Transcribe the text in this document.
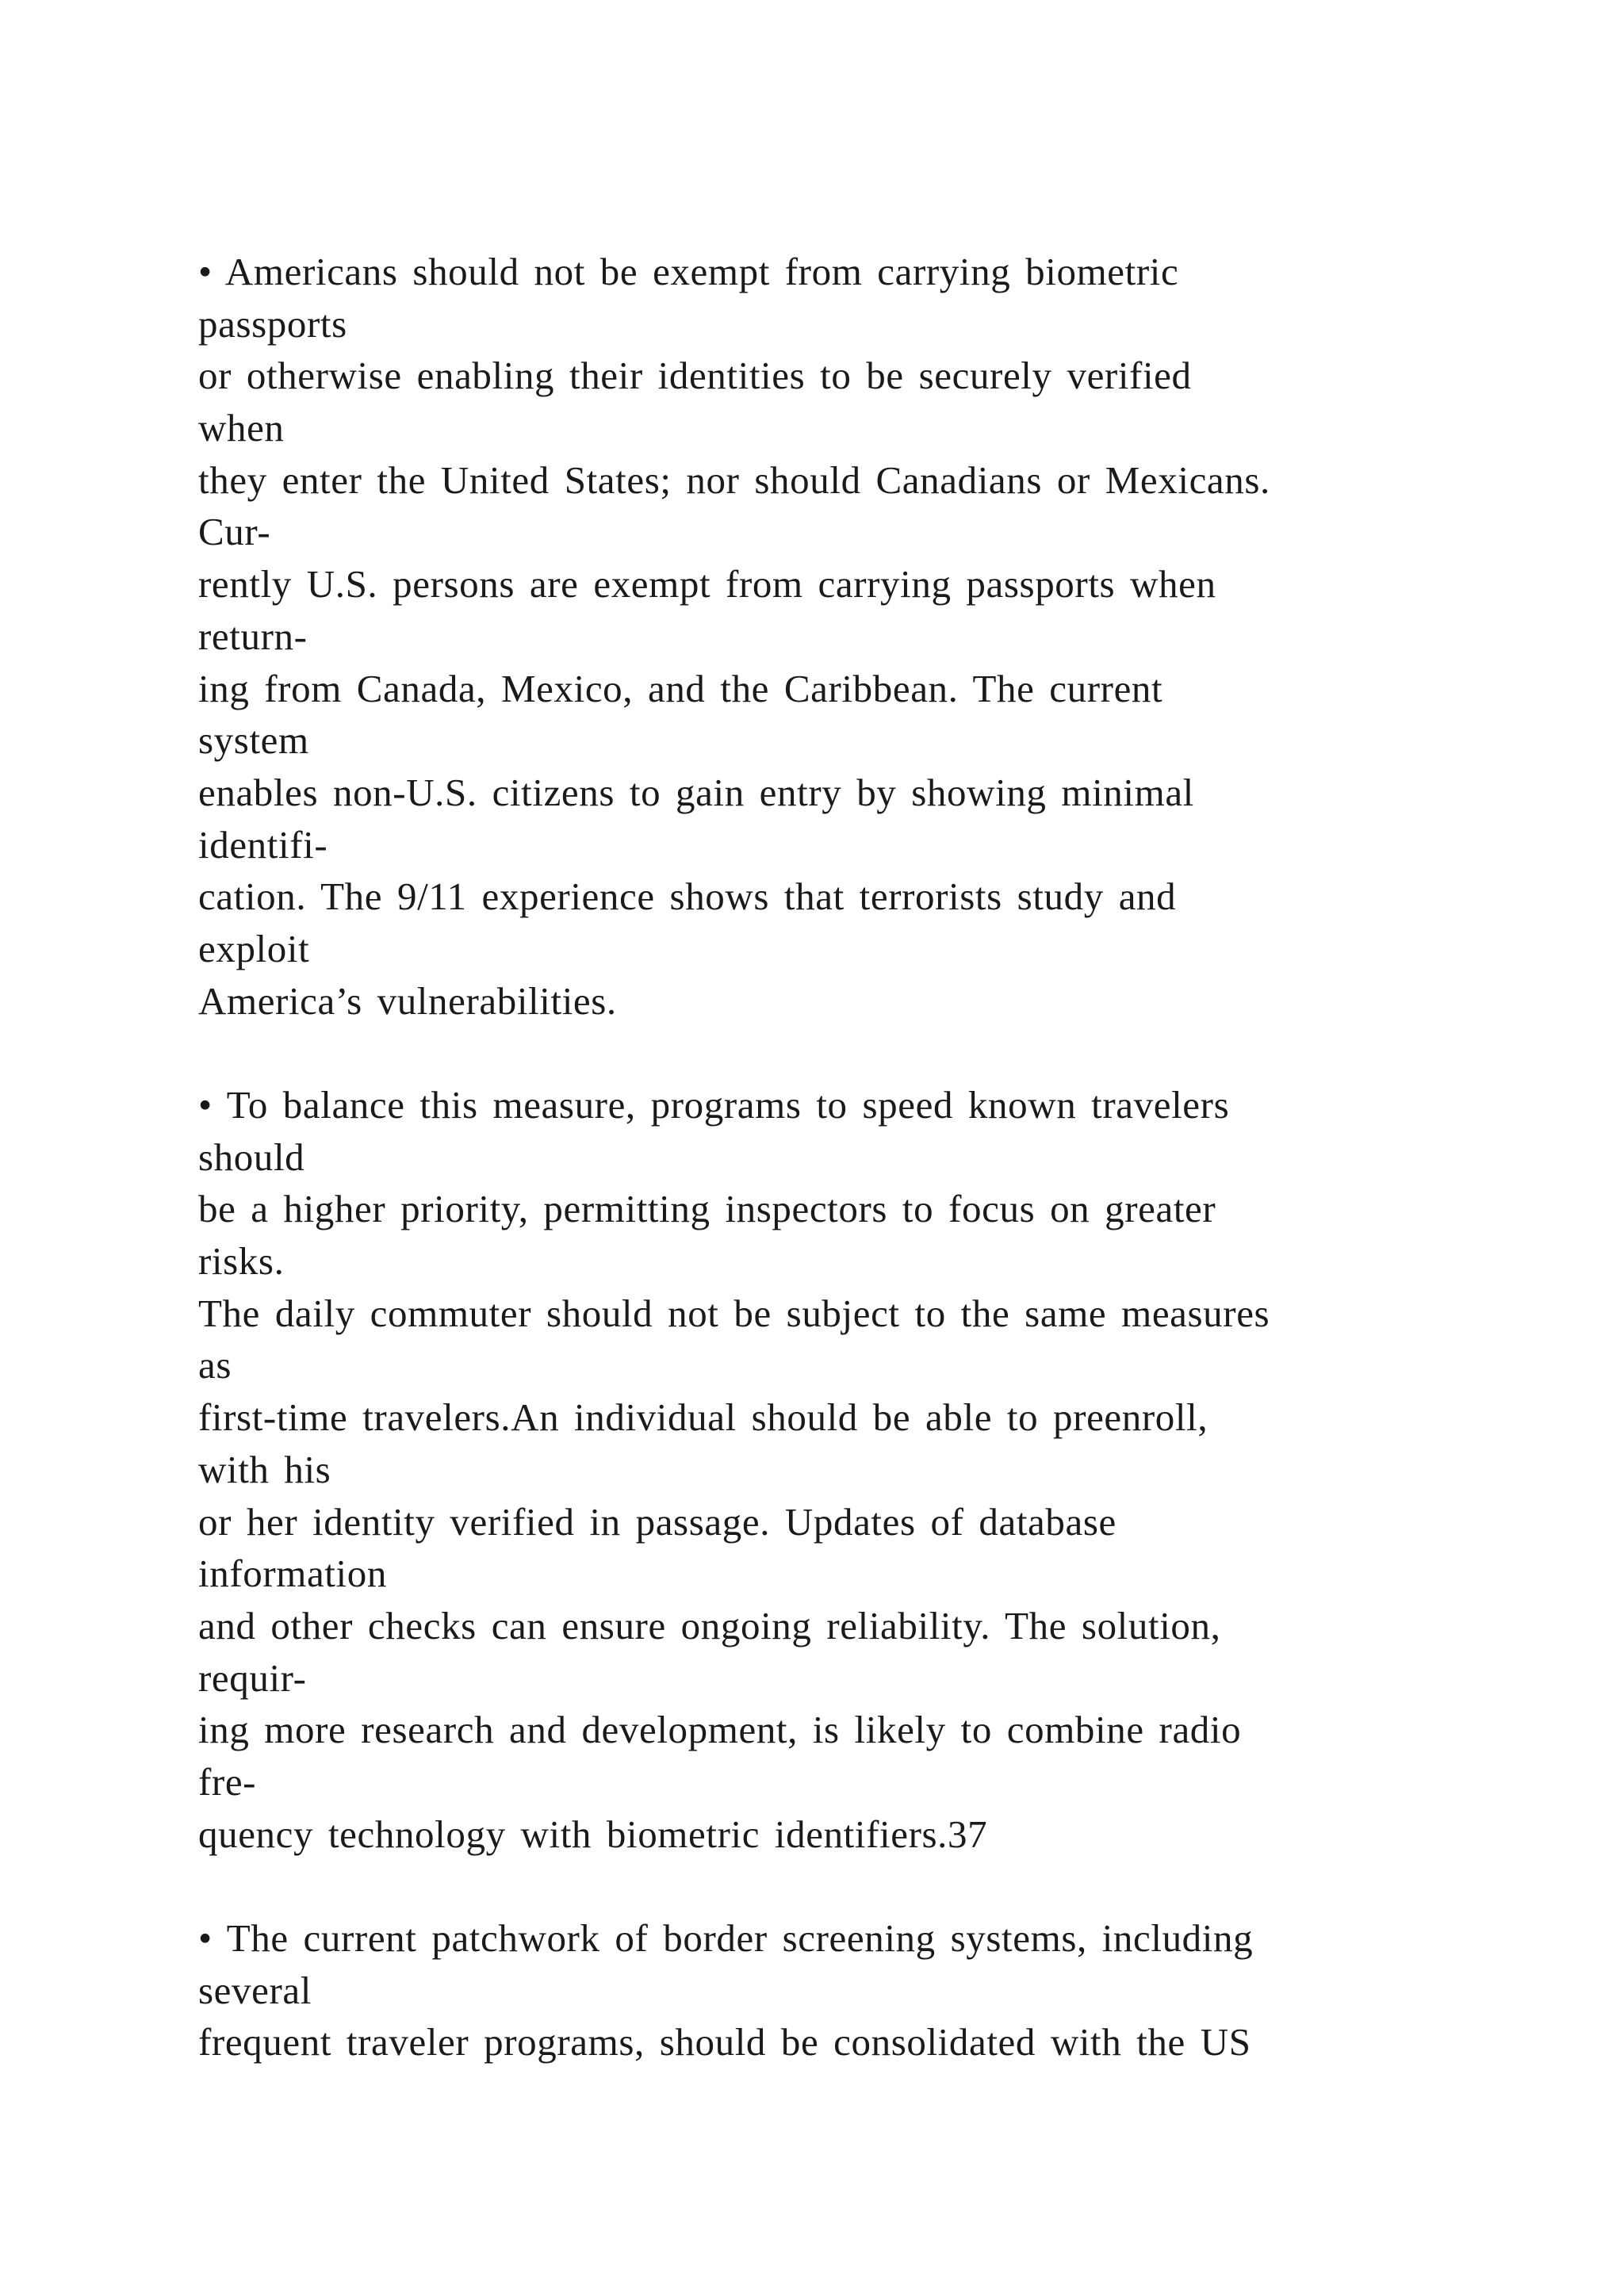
• Americans should not be exempt from carrying biometric
passports
or otherwise enabling their identities to be securely verified
when
they enter the United States; nor should Canadians or Mexicans.
Cur-
rently U.S. persons are exempt from carrying passports when
return-
ing from Canada, Mexico, and the Caribbean. The current
system
enables non-U.S. citizens to gain entry by showing minimal
identifi-
cation. The 9/11 experience shows that terrorists study and
exploit
America’s vulnerabilities.
• To balance this measure, programs to speed known travelers
should
be a higher priority, permitting inspectors to focus on greater
risks.
The daily commuter should not be subject to the same measures
as
first-time travelers.An individual should be able to preenroll,
with his
or her identity verified in passage. Updates of database
information
and other checks can ensure ongoing reliability. The solution,
requir-
ing more research and development, is likely to combine radio
fre-
quency technology with biometric identifiers.37
• The current patchwork of border screening systems, including
several
frequent traveler programs, should be consolidated with the US
